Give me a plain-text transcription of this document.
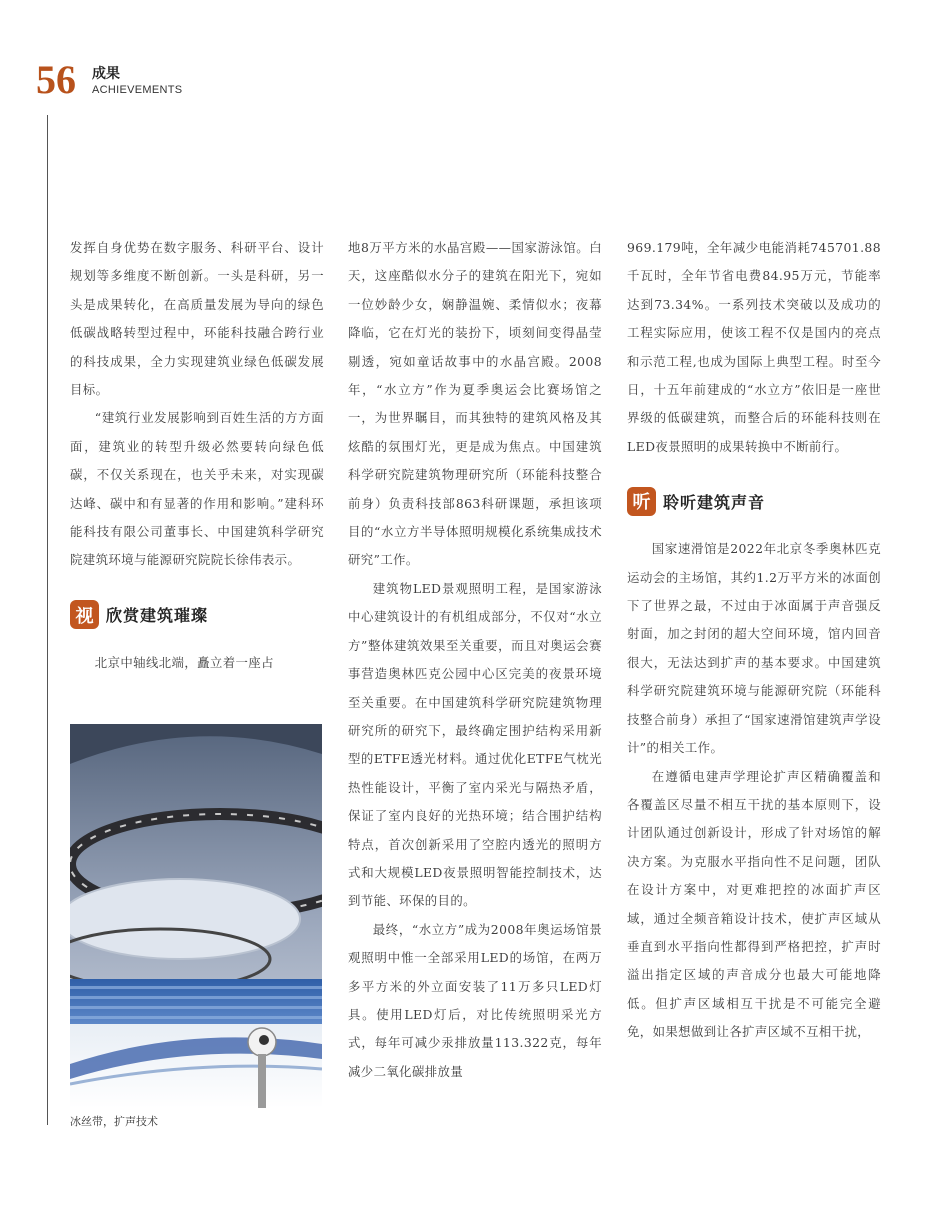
56 成果
ACHIEVEMENTS

发挥自身优势在数字服务、科研平台、设计规划等多维度不断创新。一头是科研，另一头是成果转化，在高质量发展为导向的绿色低碳战略转型过程中，环能科技融合跨行业的科技成果，全力实现建筑业绿色低碳发展目标。

“建筑行业发展影响到百姓生活的方方面面，建筑业的转型升级必然要转向绿色低碳，不仅关系现在，也关乎未来，对实现碳达峰、碳中和有显著的作用和影响。”建科环能科技有限公司董事长、中国建筑科学研究院建筑环境与能源研究院院长徐伟表示。

视 欣赏建筑璀璨

北京中轴线北端，矗立着一座占

冰丝带，扩声技术

地8万平方米的水晶宫殿——国家游泳馆。白天，这座酷似水分子的建筑在阳光下，宛如一位妙龄少女，娴静温婉、柔情似水；夜幕降临，它在灯光的装扮下，顷刻间变得晶莹剔透，宛如童话故事中的水晶宫殿。2008年，“水立方”作为夏季奥运会比赛场馆之一，为世界瞩目，而其独特的建筑风格及其炫酷的氛围灯光，更是成为焦点。中国建筑科学研究院建筑物理研究所（环能科技整合前身）负责科技部863科研课题，承担该项目的“水立方半导体照明规模化系统集成技术研究”工作。

建筑物LED景观照明工程，是国家游泳中心建筑设计的有机组成部分，不仅对“水立方”整体建筑效果至关重要，而且对奥运会赛事营造奥林匹克公园中心区完美的夜景环境至关重要。在中国建筑科学研究院建筑物理研究所的研究下，最终确定围护结构采用新型的ETFE透光材料。通过优化ETFE气枕光热性能设计，平衡了室内采光与隔热矛盾，保证了室内良好的光热环境；结合围护结构特点，首次创新采用了空腔内透光的照明方式和大规模LED夜景照明智能控制技术，达到节能、环保的目的。

最终，“水立方”成为2008年奥运场馆景观照明中惟一全部采用LED的场馆，在两万多平方米的外立面安装了11万多只LED灯具。使用LED灯后，对比传统照明采光方式，每年可减少汞排放量113.322克，每年减少二氧化碳排放量

969.179吨，全年减少电能消耗745701.88千瓦时，全年节省电费84.95万元，节能率达到73.34%。一系列技术突破以及成功的工程实际应用，使该工程不仅是国内的亮点和示范工程,也成为国际上典型工程。时至今日，十五年前建成的“水立方”依旧是一座世界级的低碳建筑，而整合后的环能科技则在LED夜景照明的成果转换中不断前行。

听 聆听建筑声音

国家速滑馆是2022年北京冬季奥林匹克运动会的主场馆，其约1.2万平方米的冰面创下了世界之最，不过由于冰面属于声音强反射面，加之封闭的超大空间环境，馆内回音很大，无法达到扩声的基本要求。中国建筑科学研究院建筑环境与能源研究院（环能科技整合前身）承担了“国家速滑馆建筑声学设计”的相关工作。

在遵循电建声学理论扩声区精确覆盖和各覆盖区尽量不相互干扰的基本原则下，设计团队通过创新设计，形成了针对场馆的解决方案。为克服水平指向性不足问题，团队在设计方案中，对更难把控的冰面扩声区域，通过全频音箱设计技术，使扩声区域从垂直到水平指向性都得到严格把控，扩声时溢出指定区域的声音成分也最大可能地降低。但扩声区域相互干扰是不可能完全避免，如果想做到让各扩声区域不互相干扰，
